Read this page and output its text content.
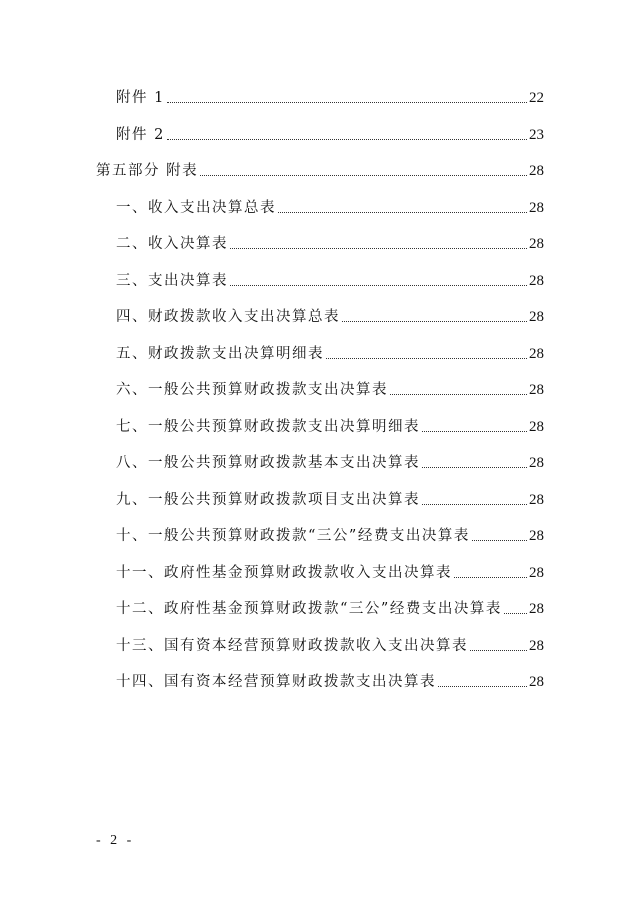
附件 1	22
附件 2	23
第五部分 附表	28
一、收入支出决算总表	28
二、收入决算表	28
三、支出决算表	28
四、财政拨款收入支出决算总表	28
五、财政拨款支出决算明细表	28
六、一般公共预算财政拨款支出决算表	28
七、一般公共预算财政拨款支出决算明细表	28
八、一般公共预算财政拨款基本支出决算表	28
九、一般公共预算财政拨款项目支出决算表	28
十、一般公共预算财政拨款“三公”经费支出决算表	28
十一、政府性基金预算财政拨款收入支出决算表	28
十二、政府性基金预算财政拨款“三公”经费支出决算表 28
十三、国有资本经营预算财政拨款收入支出决算表	28
十四、国有资本经营预算财政拨款支出决算表	28
- 2 -
